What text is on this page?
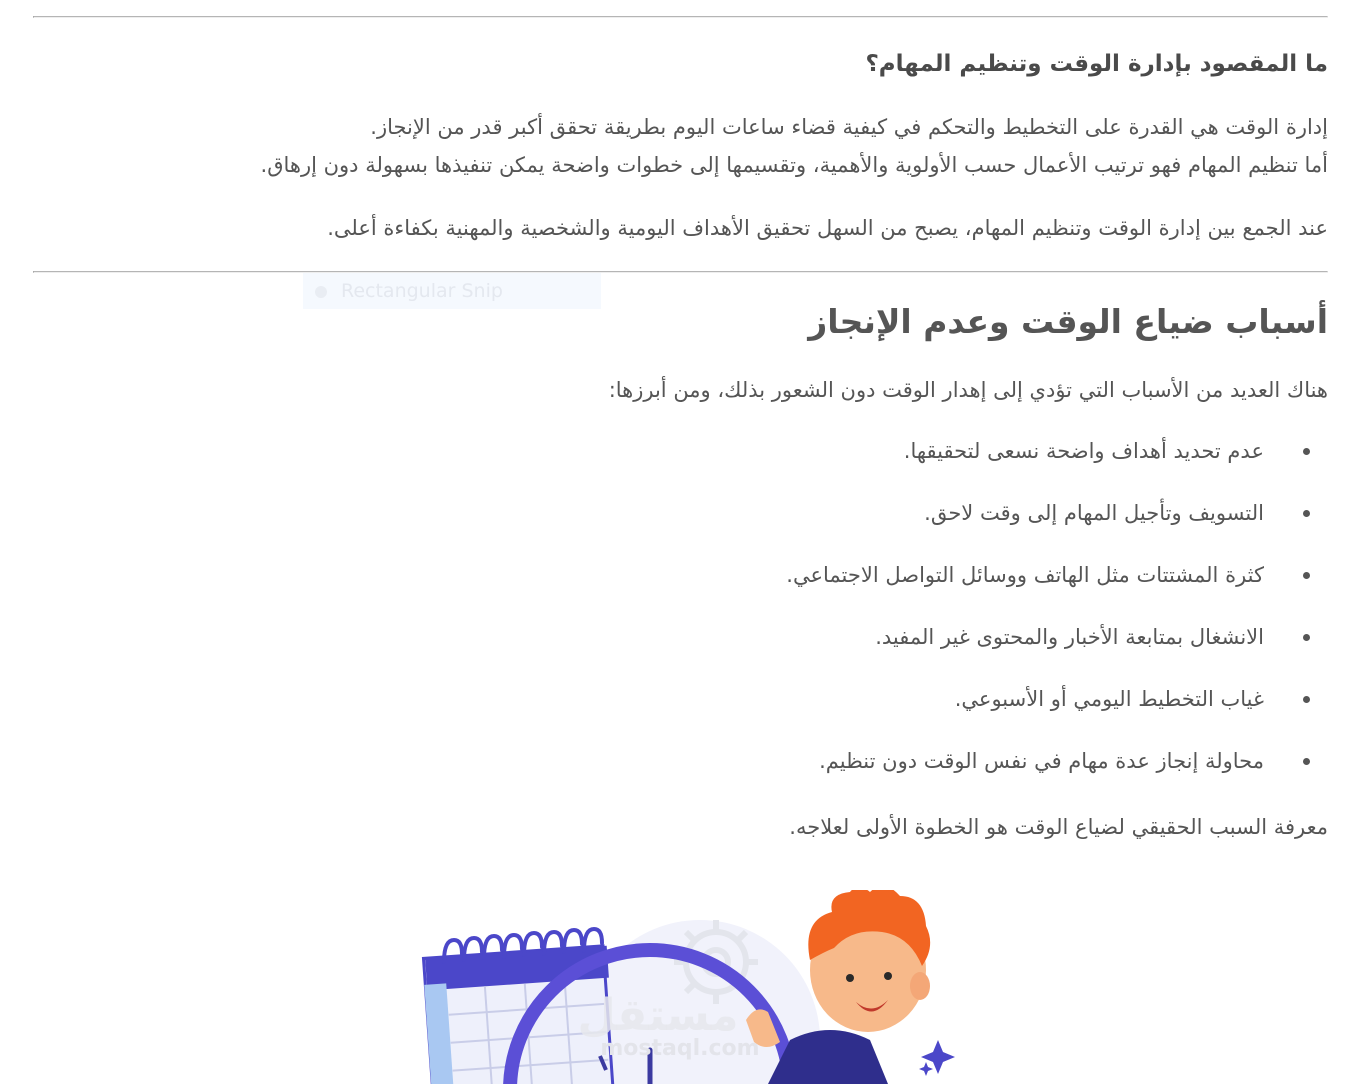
ما المقصود بإدارة الوقت وتنظيم المهام؟
إدارة الوقت هي القدرة على التخطيط والتحكم في كيفية قضاء ساعات اليوم بطريقة تحقق أكبر قدر من الإنجاز.
أما تنظيم المهام فهو ترتيب الأعمال حسب الأولوية والأهمية، وتقسيمها إلى خطوات واضحة يمكن تنفيذها بسهولة دون إرهاق.

عند الجمع بين إدارة الوقت وتنظيم المهام، يصبح من السهل تحقيق الأهداف اليومية والشخصية والمهنية بكفاءة أعلى.

أسباب ضياع الوقت وعدم الإنجاز

هناك العديد من الأسباب التي تؤدي إلى إهدار الوقت دون الشعور بذلك، ومن أبرزها:

عدم تحديد أهداف واضحة نسعى لتحقيقها.
التسويف وتأجيل المهام إلى وقت لاحق.
كثرة المشتتات مثل الهاتف ووسائل التواصل الاجتماعي.
الانشغال بمتابعة الأخبار والمحتوى غير المفيد.
غياب التخطيط اليومي أو الأسبوعي.
محاولة إنجاز عدة مهام في نفس الوقت دون تنظيم.

معرفة السبب الحقيقي لضياع الوقت هو الخطوة الأولى لعلاجه.

Rectangular Snip
مستقل
mostaql.com
